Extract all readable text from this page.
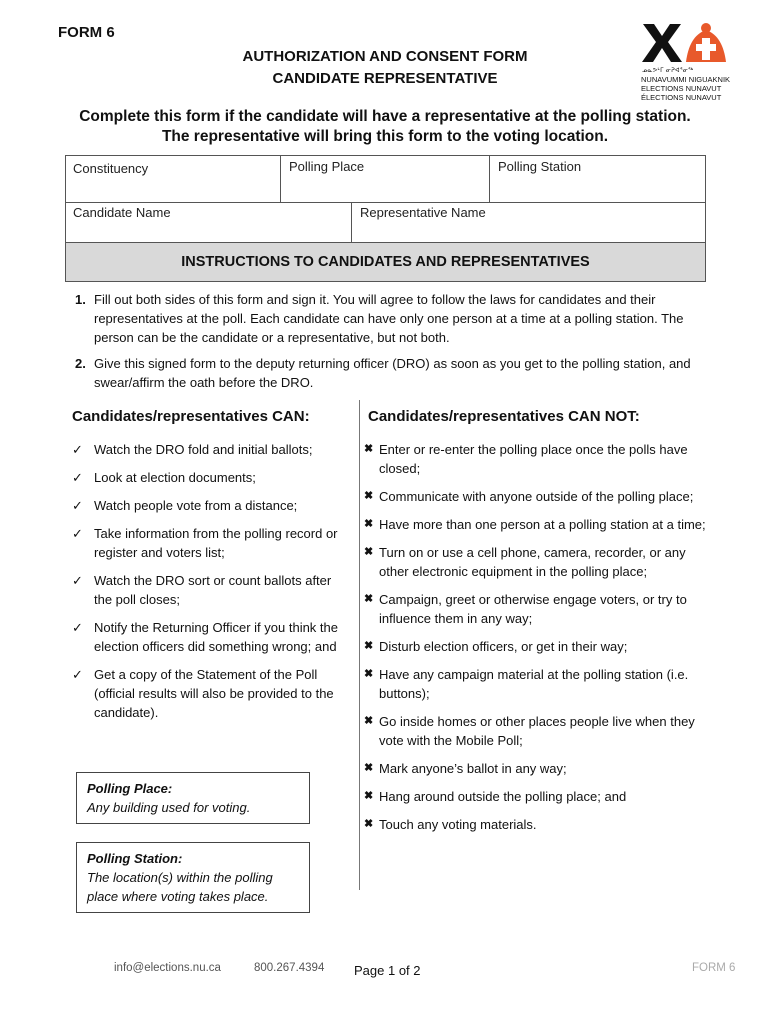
FORM 6
AUTHORIZATION AND CONSENT FORM
CANDIDATE REPRESENTATIVE	ᓄᓇᕗᒻᒥ ᓂᕈᐊᕐᓂᖅ
NUNAVUMMI NIGUAKNIK
ELECTIONS NUNAVUT
ÉLECTIONS NUNAVUT
Complete this form if the candidate will have a representative at the polling station.
The representative will bring this form to the voting location.
Constituency	Polling Place	Polling Station
Candidate Name	Representative Name
INSTRUCTIONS TO CANDIDATES AND REPRESENTATIVES
1. Fill out both sides of this form and sign it. You will agree to follow the laws for candidates and their representatives at the poll. Each candidate can have only one person at a time at a polling station. The person can be the candidate or a representative, but not both.
2. Give this signed form to the deputy returning officer (DRO) as soon as you get to the polling station, and swear/affirm the oath before the DRO.
Candidates/representatives CAN:	Candidates/representatives CAN NOT:
✓ Watch the DRO fold and initial ballots;
✓ Look at election documents;
✓ Watch people vote from a distance;
✓ Take information from the polling record or register and voters list;
✓ Watch the DRO sort or count ballots after the poll closes;
✓ Notify the Returning Officer if you think the election officers did something wrong; and
✓ Get a copy of the Statement of the Poll (official results will also be provided to the candidate).
✖ Enter or re-enter the polling place once the polls have closed;
✖ Communicate with anyone outside of the polling place;
✖ Have more than one person at a polling station at a time;
✖ Turn on or use a cell phone, camera, recorder, or any other electronic equipment in the polling place;
✖ Campaign, greet or otherwise engage voters, or try to influence them in any way;
✖ Disturb election officers, or get in their way;
✖ Have any campaign material at the polling station (i.e. buttons);
✖ Go inside homes or other places people live when they vote with the Mobile Poll;
✖ Mark anyone’s ballot in any way;
✖ Hang around outside the polling place; and
✖ Touch any voting materials.
Polling Place:
Any building used for voting.
Polling Station:
The location(s) within the polling place where voting takes place.
info@elections.nu.ca	800.267.4394 Page 1 of 2	FORM 6
